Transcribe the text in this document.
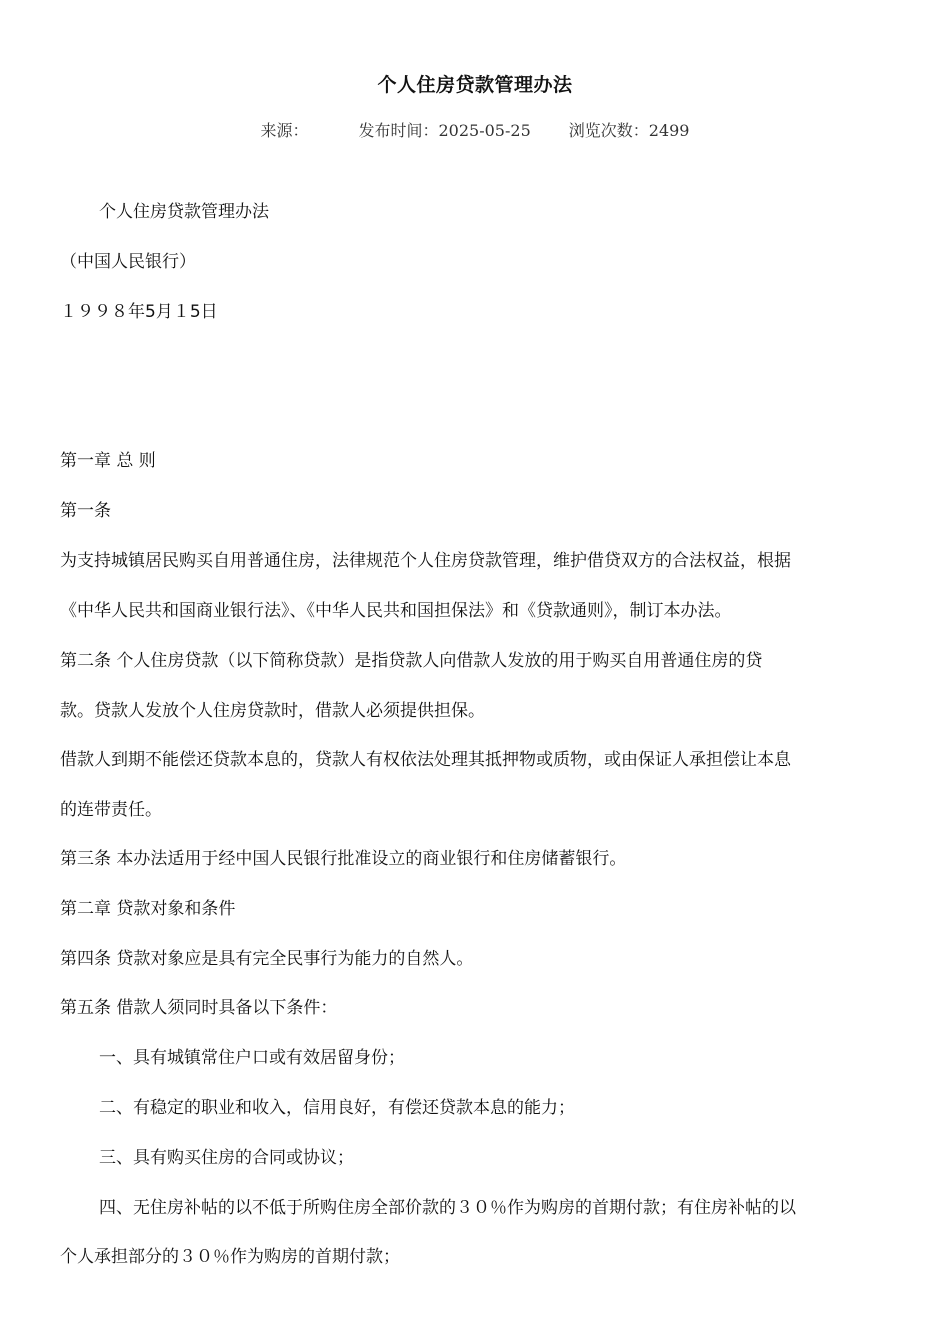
个人住房贷款管理办法
来源：	发布时间：2025-05-25 浏览次数：2499
个人住房贷款管理办法
（中国人民银行）
１９９８年5月１5日
第一章 总 则
第一条
为支持城镇居民购买自用普通住房，法律规范个人住房贷款管理，维护借贷双方的合法权益，根据
《中华人民共和国商业银行法》、《中华人民共和国担保法》和《贷款通则》，制订本办法。
第二条 个人住房贷款（以下简称贷款）是指贷款人向借款人发放的用于购买自用普通住房的贷
款。贷款人发放个人住房贷款时，借款人必须提供担保。
借款人到期不能偿还贷款本息的，贷款人有权依法处理其抵押物或质物，或由保证人承担偿让本息
的连带责任。
第三条 本办法适用于经中国人民银行批准设立的商业银行和住房储蓄银行。
第二章 贷款对象和条件
第四条 贷款对象应是具有完全民事行为能力的自然人。
第五条 借款人须同时具备以下条件：
一、具有城镇常住户口或有效居留身份；
二、有稳定的职业和收入，信用良好，有偿还贷款本息的能力；
三、具有购买住房的合同或协议；
四、无住房补帖的以不低于所购住房全部价款的３０％作为购房的首期付款；有住房补帖的以
个人承担部分的３０％作为购房的首期付款；
